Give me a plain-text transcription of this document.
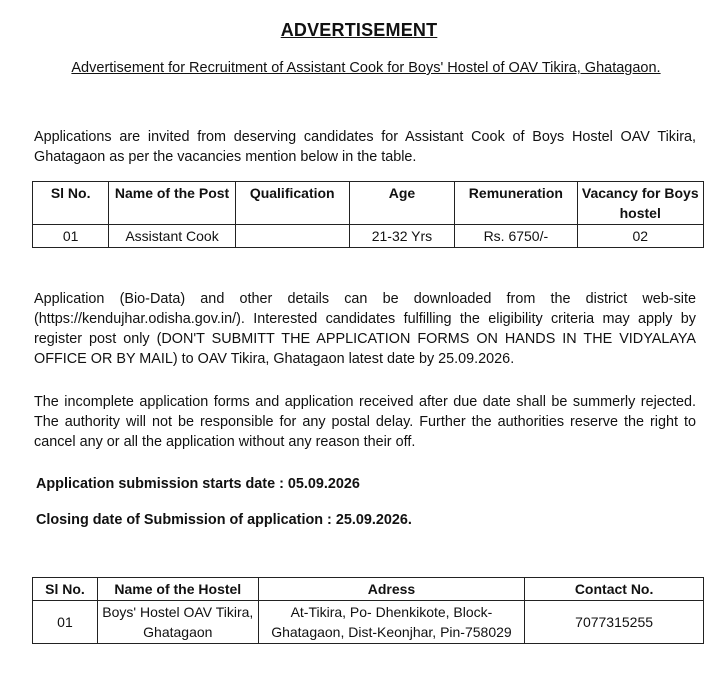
ADVERTISEMENT
Advertisement for Recruitment of Assistant Cook for Boys' Hostel of OAV Tikira, Ghatagaon.
Applications are invited from deserving candidates for Assistant Cook of Boys Hostel OAV Tikira, Ghatagaon as per the vacancies mention below in the table.
Sl No.	Name of the Post	Qualification	Age	Remuneration	Vacancy for Boys hostel
01	Assistant Cook		21-32 Yrs	Rs. 6750/-	02
Application (Bio-Data) and other details can be downloaded from the district web-site (https://kendujhar.odisha.gov.in/). Interested candidates fulfilling the eligibility criteria may apply by register post only (DON'T SUBMITT THE APPLICATION FORMS ON HANDS IN THE VIDYALAYA OFFICE OR BY MAIL) to OAV Tikira, Ghatagaon latest date by 25.09.2026.
The incomplete application forms and application received after due date shall be summerly rejected. The authority will not be responsible for any postal delay. Further the authorities reserve the right to cancel any or all the application without any reason their off.
Application submission starts date : 05.09.2026
Closing date of Submission of application : 25.09.2026.
Sl No.	Name of the Hostel	Adress	Contact No.
01	Boys' Hostel OAV Tikira, Ghatagaon	At-Tikira, Po- Dhenkikote, Block-Ghatagaon, Dist-Keonjhar, Pin-758029	7077315255
